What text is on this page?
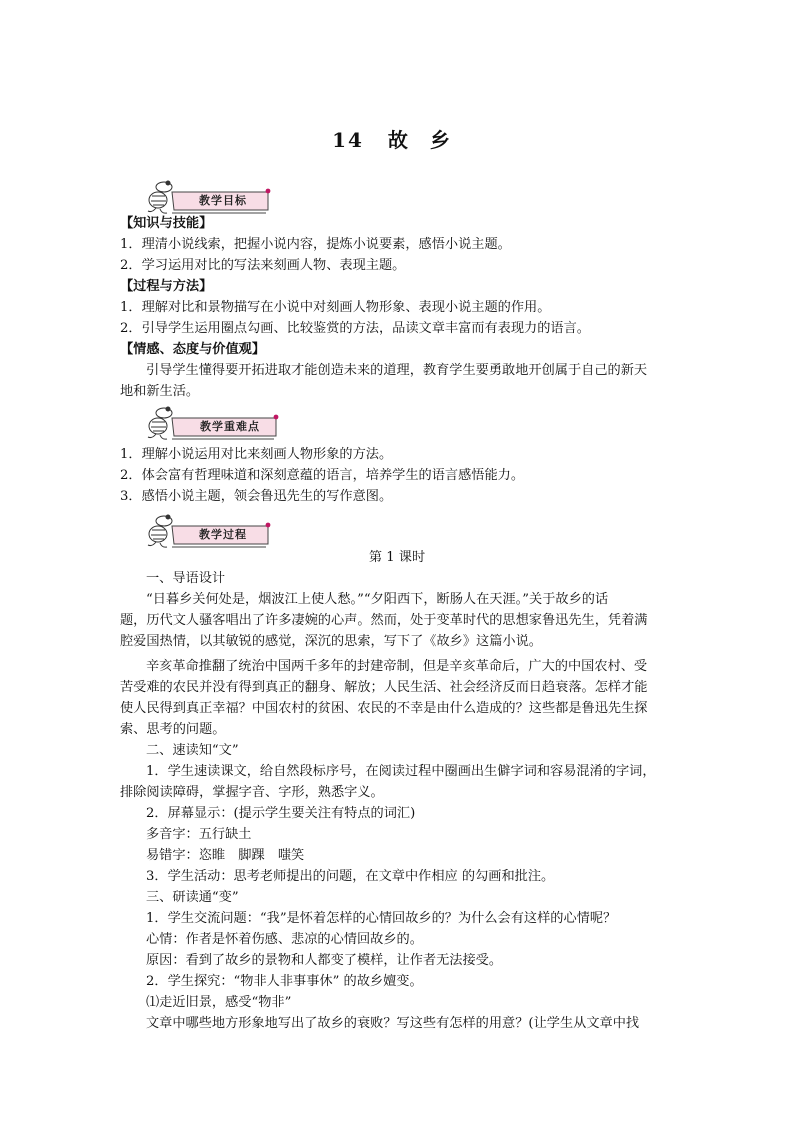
14 故 乡
教学目标
【知识与技能】
1．理清小说线索，把握小说内容，提炼小说要素，感悟小说主题。
2．学习运用对比的写法来刻画人物、表现主题。
【过程与方法】
1．理解对比和景物描写在小说中对刻画人物形象、表现小说主题的作用。
2．引导学生运用圈点勾画、比较鉴赏的方法，品读文章丰富而有表现力的语言。
【情感、态度与价值观】
引导学生懂得要开拓进取才能创造未来的道理，教育学生要勇敢地开创属于自己的新天
地和新生活。
教学重难点
1．理解小说运用对比来刻画人物形象的方法。
2．体会富有哲理味道和深刻意蕴的语言，培养学生的语言感悟能力。
3．感悟小说主题，领会鲁迅先生的写作意图。
教学过程
第 1 课时
一、导语设计
“日暮乡关何处是，烟波江上使人愁。”“夕阳西下，断肠人在天涯。”关于故乡的话
题，历代文人骚客唱出了许多凄婉的心声。然而，处于变革时代的思想家鲁迅先生，凭着满
腔爱国热情，以其敏锐的感觉，深沉的思索，写下了《故乡》这篇小说。
辛亥革命推翻了统治中国两千多年的封建帝制，但是辛亥革命后，广大的中国农村、受
苦受难的农民并没有得到真正的翻身、解放；人民生活、社会经济反而日趋衰落。怎样才能
使人民得到真正幸福？中国农村的贫困、农民的不幸是由什么造成的？这些都是鲁迅先生探
索、思考的问题。
二、速读知“文”
1．学生速读课文，给自然段标序号，在阅读过程中圈画出生僻字词和容易混淆的字词，
排除阅读障碍，掌握字音、字形，熟悉字义。
2．屏幕显示：(提示学生要关注有特点的词汇)
多音字：五行缺土
易错字：恣睢　脚踝　嗤笑
3．学生活动：思考老师提出的问题，在文章中作相应 的勾画和批注。
三、研读通“变”
1．学生交流问题：“我”是怀着怎样的心情回故乡的？为什么会有这样的心情呢？
心情：作者是怀着伤感、悲凉的心情回故乡的。
原因：看到了故乡的景物和人都变了模样，让作者无法接受。
2．学生探究：“物非人非事事休” 的故乡嬗变。
⑴走近旧景，感受“物非”
文章中哪些地方形象地写出了故乡的衰败？写这些有怎样的用意？(让学生从文章中找
